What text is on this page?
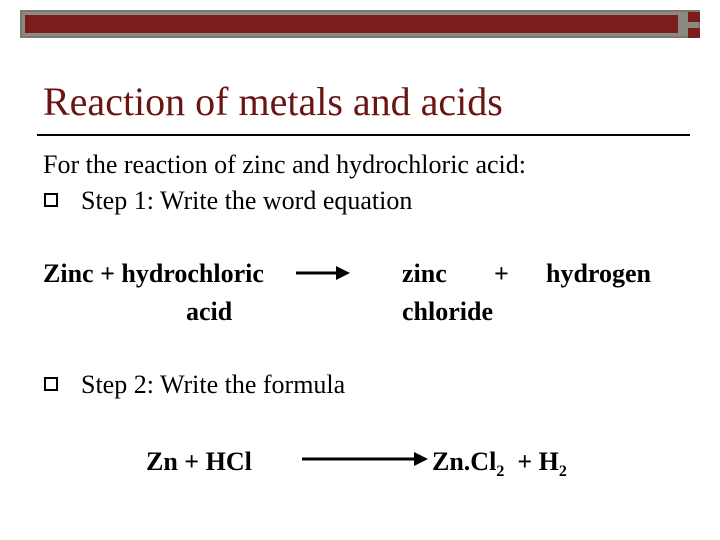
Reaction of metals and acids
For the reaction of zinc and hydrochloric acid:
Step 1: Write the word equation
Zinc + hydrochloric
acid
zinc +
chloride
hydrogen
Step 2: Write the formula
Zn + HCl	$Zn.Cl_2 + H_2$
